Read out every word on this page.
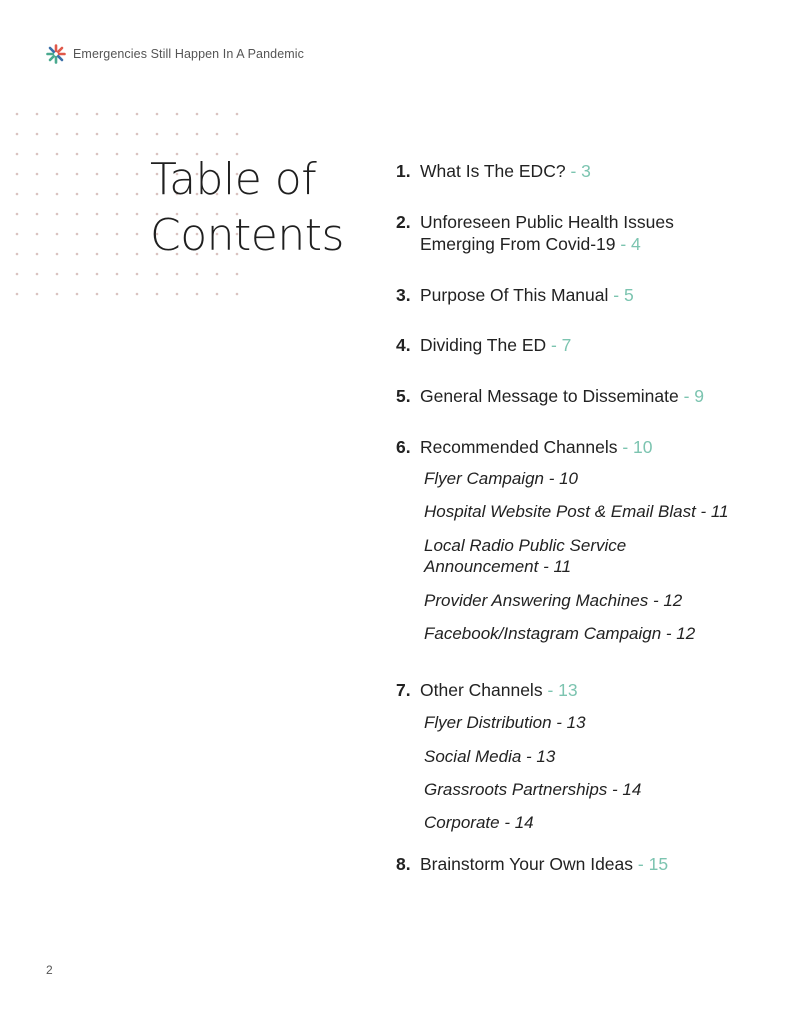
Emergencies Still Happen In A Pandemic
Table of
Contents
1. What Is The EDC? - 3
2. Unforeseen Public Health Issues
Emerging From Covid-19 - 4
3. Purpose Of This Manual - 5
4. Dividing The ED - 7
5. General Message to Disseminate - 9
6. Recommended Channels - 10
Flyer Campaign - 10
Hospital Website Post & Email Blast - 11
Local Radio Public Service
Announcement - 11
Provider Answering Machines - 12
Facebook/Instagram Campaign - 12
7. Other Channels - 13
Flyer Distribution - 13
Social Media - 13
Grassroots Partnerships - 14
Corporate - 14
8. Brainstorm Your Own Ideas - 15
2
